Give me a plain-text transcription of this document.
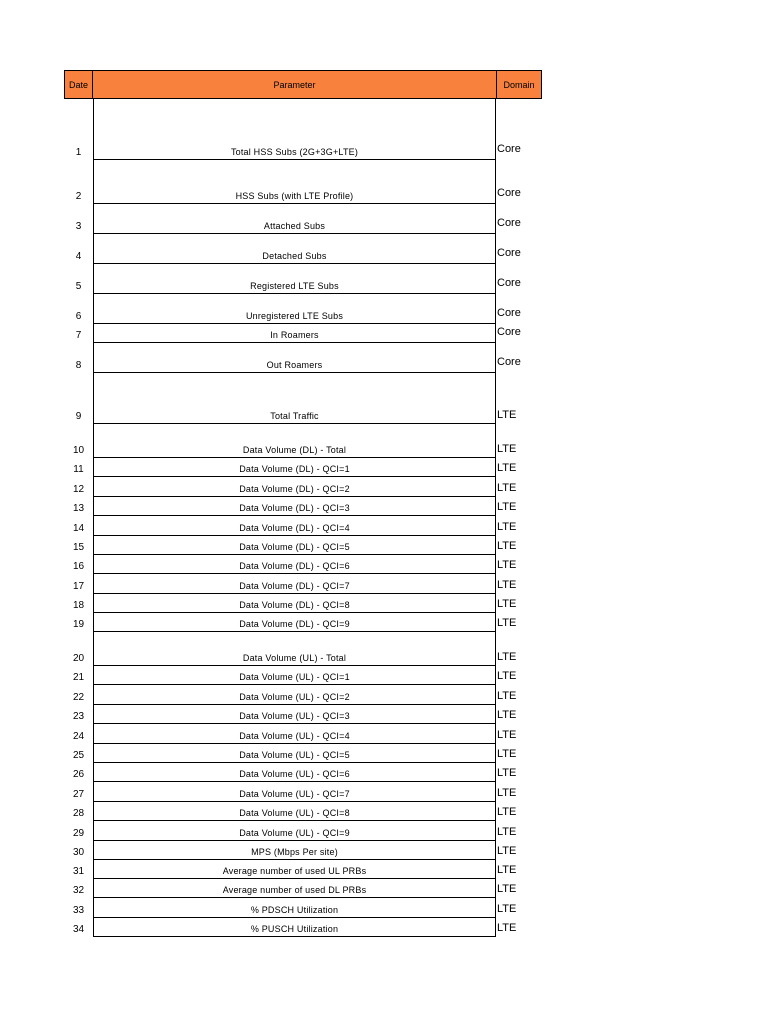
Date	Parameter	Domain
1	Total HSS Subs (2G+3G+LTE)	Core
2	HSS Subs (with LTE Profile)	Core
3	Attached Subs	Core
4	Detached Subs	Core
5	Registered LTE Subs	Core
6	Unregistered LTE Subs	Core
7	In Roamers	Core
8	Out Roamers	Core
9	Total Traffic	LTE
10	Data Volume (DL) - Total	LTE
11	Data Volume (DL) - QCI=1	LTE
12	Data Volume (DL) - QCI=2	LTE
13	Data Volume (DL) - QCI=3	LTE
14	Data Volume (DL) - QCI=4	LTE
15	Data Volume (DL) - QCI=5	LTE
16	Data Volume (DL) - QCI=6	LTE
17	Data Volume (DL) - QCI=7	LTE
18	Data Volume (DL) - QCI=8	LTE
19	Data Volume (DL) - QCI=9	LTE
20	Data Volume (UL) - Total	LTE
21	Data Volume (UL) - QCI=1	LTE
22	Data Volume (UL) - QCI=2	LTE
23	Data Volume (UL) - QCI=3	LTE
24	Data Volume (UL) - QCI=4	LTE
25	Data Volume (UL) - QCI=5	LTE
26	Data Volume (UL) - QCI=6	LTE
27	Data Volume (UL) - QCI=7	LTE
28	Data Volume (UL) - QCI=8	LTE
29	Data Volume (UL) - QCI=9	LTE
30	MPS (Mbps Per site)	LTE
31	Average number of used UL PRBs	LTE
32	Average number of used DL PRBs	LTE
33	% PDSCH Utilization	LTE
34	% PUSCH Utilization	LTE
